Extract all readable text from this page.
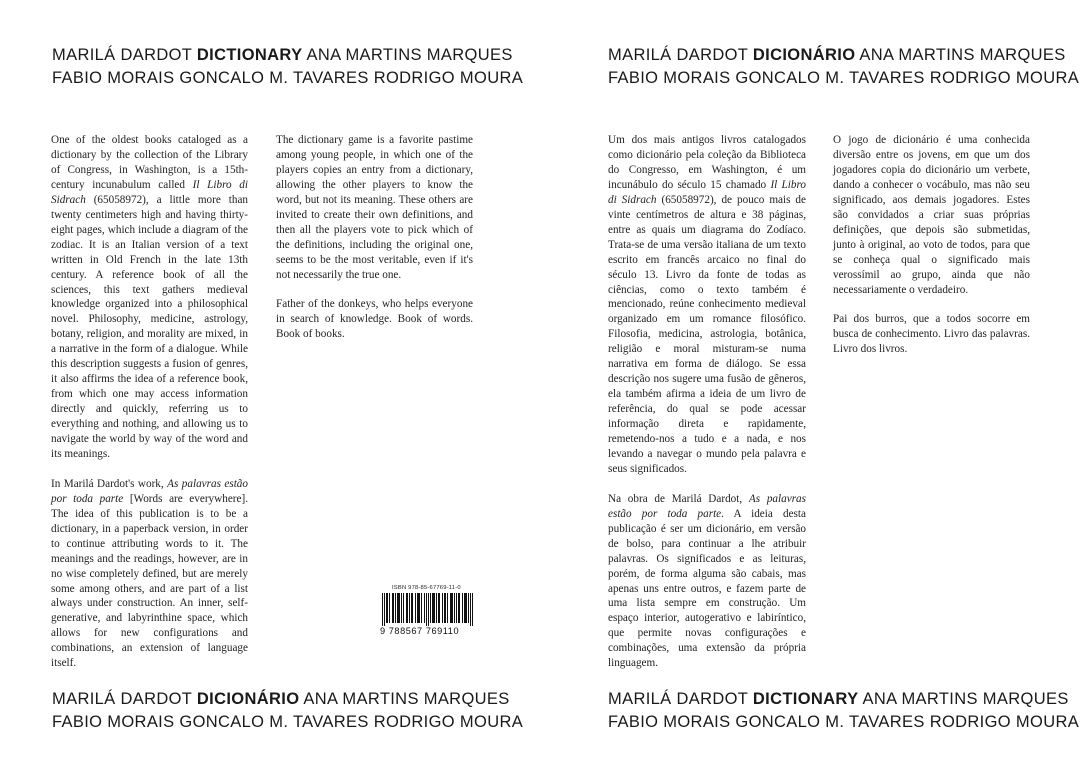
MARILÁ DARDOT DICTIONARY ANA MARTINS MARQUES
FABIO MORAIS GONCALO M. TAVARES RODRIGO MOURA

One of the oldest books cataloged as a dictionary by the collection of the Library of Congress, in Washington, is a 15th-century incunabulum called Il Libro di Sidrach (65058972), a little more than twenty centimeters high and having thirty-eight pages, which include a diagram of the zodiac. It is an Italian version of a text written in Old French in the late 13th century. A reference book of all the sciences, this text gathers medieval knowledge organized into a philosophical novel. Philosophy, medicine, astrology, botany, religion, and morality are mixed, in a narrative in the form of a dialogue. While this description suggests a fusion of genres, it also affirms the idea of a reference book, from which one may access information directly and quickly, referring us to everything and nothing, and allowing us to navigate the world by way of the word and its meanings.

In Marilá Dardot's work, As palavras estão por toda parte [Words are everywhere]. The idea of this publication is to be a dictionary, in a paperback version, in order to continue attributing words to it. The meanings and the readings, however, are in no wise completely defined, but are merely some among others, and are part of a list always under construction. An inner, self-generative, and labyrinthine space, which allows for new configurations and combinations, an extension of language itself.

The dictionary game is a favorite pastime among young people, in which one of the players copies an entry from a dictionary, allowing the other players to know the word, but not its meaning. These others are invited to create their own definitions, and then all the players vote to pick which of the definitions, including the original one, seems to be the most veritable, even if it's not necessarily the true one.

Father of the donkeys, who helps everyone in search of knowledge. Book of words. Book of books.

ISBN 978-85-67769-11-0
9 788567 769110
MARILÁ DARDOT DICIONÁRIO ANA MARTINS MARQUES
FABIO MORAIS GONCALO M. TAVARES RODRIGO MOURA
MARILÁ DARDOT DICIONÁRIO ANA MARTINS MARQUES
FABIO MORAIS GONCALO M. TAVARES RODRIGO MOURA

Um dos mais antigos livros catalogados como dicionário pela coleção da Biblioteca do Congresso, em Washington, é um incunábulo do século 15 chamado Il Libro di Sidrach (65058972), de pouco mais de vinte centímetros de altura e 38 páginas, entre as quais um diagrama do Zodíaco. Trata-se de uma versão italiana de um texto escrito em francês arcaico no final do século 13. Livro da fonte de todas as ciências, como o texto também é mencionado, reúne conhecimento medieval organizado em um romance filosófico. Filosofia, medicina, astrologia, botânica, religião e moral misturam-se numa narrativa em forma de diálogo. Se essa descrição nos sugere uma fusão de gêneros, ela também afirma a ideia de um livro de referência, do qual se pode acessar informação direta e rapidamente, remetendo-nos a tudo e a nada, e nos levando a navegar o mundo pela palavra e seus significados.

Na obra de Marilá Dardot, As palavras estão por toda parte. A ideia desta publicação é ser um dicionário, em versão de bolso, para continuar a lhe atribuir palavras. Os significados e as leituras, porém, de forma alguma são cabais, mas apenas uns entre outros, e fazem parte de uma lista sempre em construção. Um espaço interior, autogerativo e labiríntico, que permite novas configurações e combinações, uma extensão da própria linguagem.

O jogo de dicionário é uma conhecida diversão entre os jovens, em que um dos jogadores copia do dicionário um verbete, dando a conhecer o vocábulo, mas não seu significado, aos demais jogadores. Estes são convidados a criar suas próprias definições, que depois são submetidas, junto à original, ao voto de todos, para que se conheça qual o significado mais verossímil ao grupo, ainda que não necessariamente o verdadeiro.

Pai dos burros, que a todos socorre em busca de conhecimento. Livro das palavras. Livro dos livros.

MARILÁ DARDOT DICTIONARY ANA MARTINS MARQUES
FABIO MORAIS GONCALO M. TAVARES RODRIGO MOURA
